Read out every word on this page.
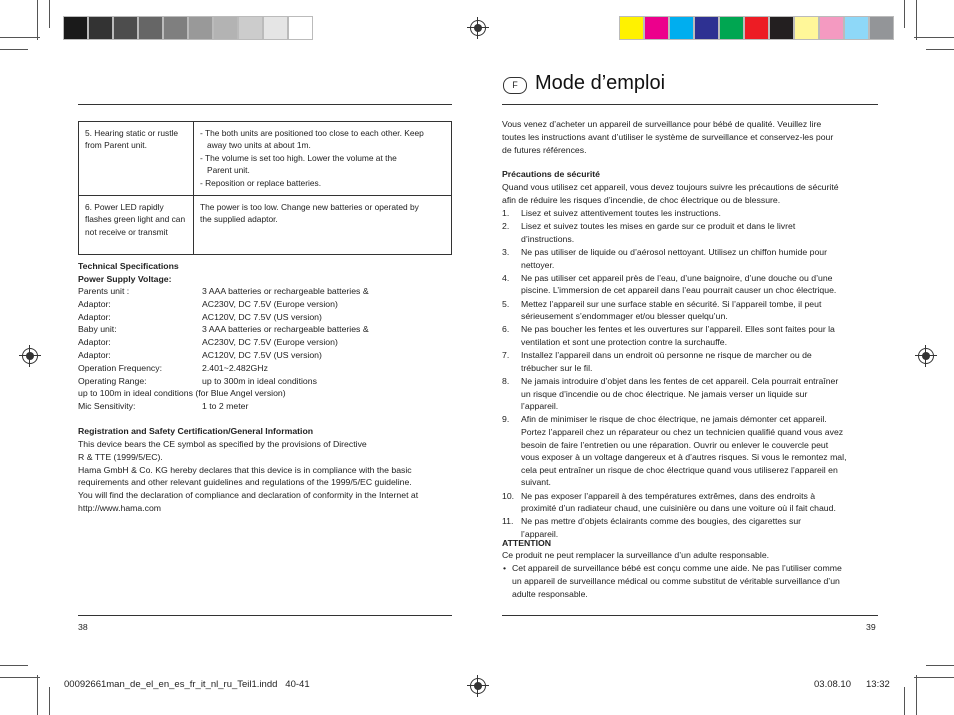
5. Hearing static or rustle from Parent unit.	- The both units are positioned too close to each other. Keep
away two units at about 1m.
- The volume is set too high. Lower the volume at the
Parent unit.
- Reposition or replace batteries.

6. Power LED rapidly flashes green light and can not receive or transmit	The power is too low. Change new batteries or operated by
the supplied adaptor.
Technical Specifications
Power Supply Voltage:
Parents unit :	3 AAA batteries or rechargeable batteries &
Adaptor:	AC230V, DC 7.5V (Europe version)
Adaptor:	AC120V, DC 7.5V (US version)
Baby unit:	3 AAA batteries or rechargeable batteries &
Adaptor:	AC230V, DC 7.5V (Europe version)
Adaptor:	AC120V, DC 7.5V (US version)
Operation Frequency:	2.401~2.482GHz
Operating Range:	up to 300m in ideal conditions
up to 100m in ideal conditions (for Blue Angel version)
Mic Sensitivity:	1 to 2 meter
Registration and Safety Certification/General Information
This device bears the CE symbol as specified by the provisions of Directive
R & TTE (1999/5/EC).
Hama GmbH & Co. KG hereby declares that this device is in compliance with the basic
requirements and other relevant guidelines and regulations of the 1999/5/EC guideline.
You will find the declaration of compliance and declaration of conformity in the Internet at
http://www.hama.com
38
F Mode d’emploi
Vous venez d’acheter un appareil de surveillance pour bébé de qualité. Veuillez lire
toutes les instructions avant d’utiliser le système de surveillance et conservez-les pour
de futures références.
Précautions de sécurité
Quand vous utilisez cet appareil, vous devez toujours suivre les précautions de sécurité
afin de réduire les risques d’incendie, de choc électrique ou de blessure.
1. Lisez et suivez attentivement toutes les instructions.
2. Lisez et suivez toutes les mises en garde sur ce produit et dans le livret
d’instructions.
3. Ne pas utiliser de liquide ou d’aérosol nettoyant. Utilisez un chiffon humide pour
nettoyer.
4. Ne pas utiliser cet appareil près de l’eau, d’une baignoire, d’une douche ou d’une
piscine. L’immersion de cet appareil dans l’eau pourrait causer un choc électrique.
5. Mettez l’appareil sur une surface stable en sécurité. Si l’appareil tombe, il peut
sérieusement s’endommager et/ou blesser quelqu’un.
6. Ne pas boucher les fentes et les ouvertures sur l’appareil. Elles sont faites pour la
ventilation et sont une protection contre la surchauffe.
7. Installez l’appareil dans un endroit où personne ne risque de marcher ou de
trébucher sur le fil.
8. Ne jamais introduire d’objet dans les fentes de cet appareil. Cela pourrait entraîner
un risque d’incendie ou de choc électrique. Ne jamais verser un liquide sur
l’appareil.
9. Afin de minimiser le risque de choc électrique, ne jamais démonter cet appareil.
Portez l’appareil chez un réparateur ou chez un technicien qualifié quand vous avez
besoin de faire l’entretien ou une réparation. Ouvrir ou enlever le couvercle peut
vous exposer à un voltage dangereux et à d’autres risques. Si vous le remontez mal,
cela peut entraîner un risque de choc électrique quand vous utiliserez l’appareil en
suivant.
10. Ne pas exposer l’appareil à des températures extrêmes, dans des endroits à
proximité d’un radiateur chaud, une cuisinière ou dans une voiture où il fait chaud.
11. Ne pas mettre d’objets éclairants comme des bougies, des cigarettes sur
l’appareil.
ATTENTION
Ce produit ne peut remplacer la surveillance d’un adulte responsable.
• Cet appareil de surveillance bébé est conçu comme une aide. Ne pas l’utiliser comme
un appareil de surveillance médical ou comme substitut de véritable surveillance d’un
adulte responsable.
39
00092661man_de_el_en_es_fr_it_nl_ru_Teil1.indd   40-41	03.08.10 13:32
